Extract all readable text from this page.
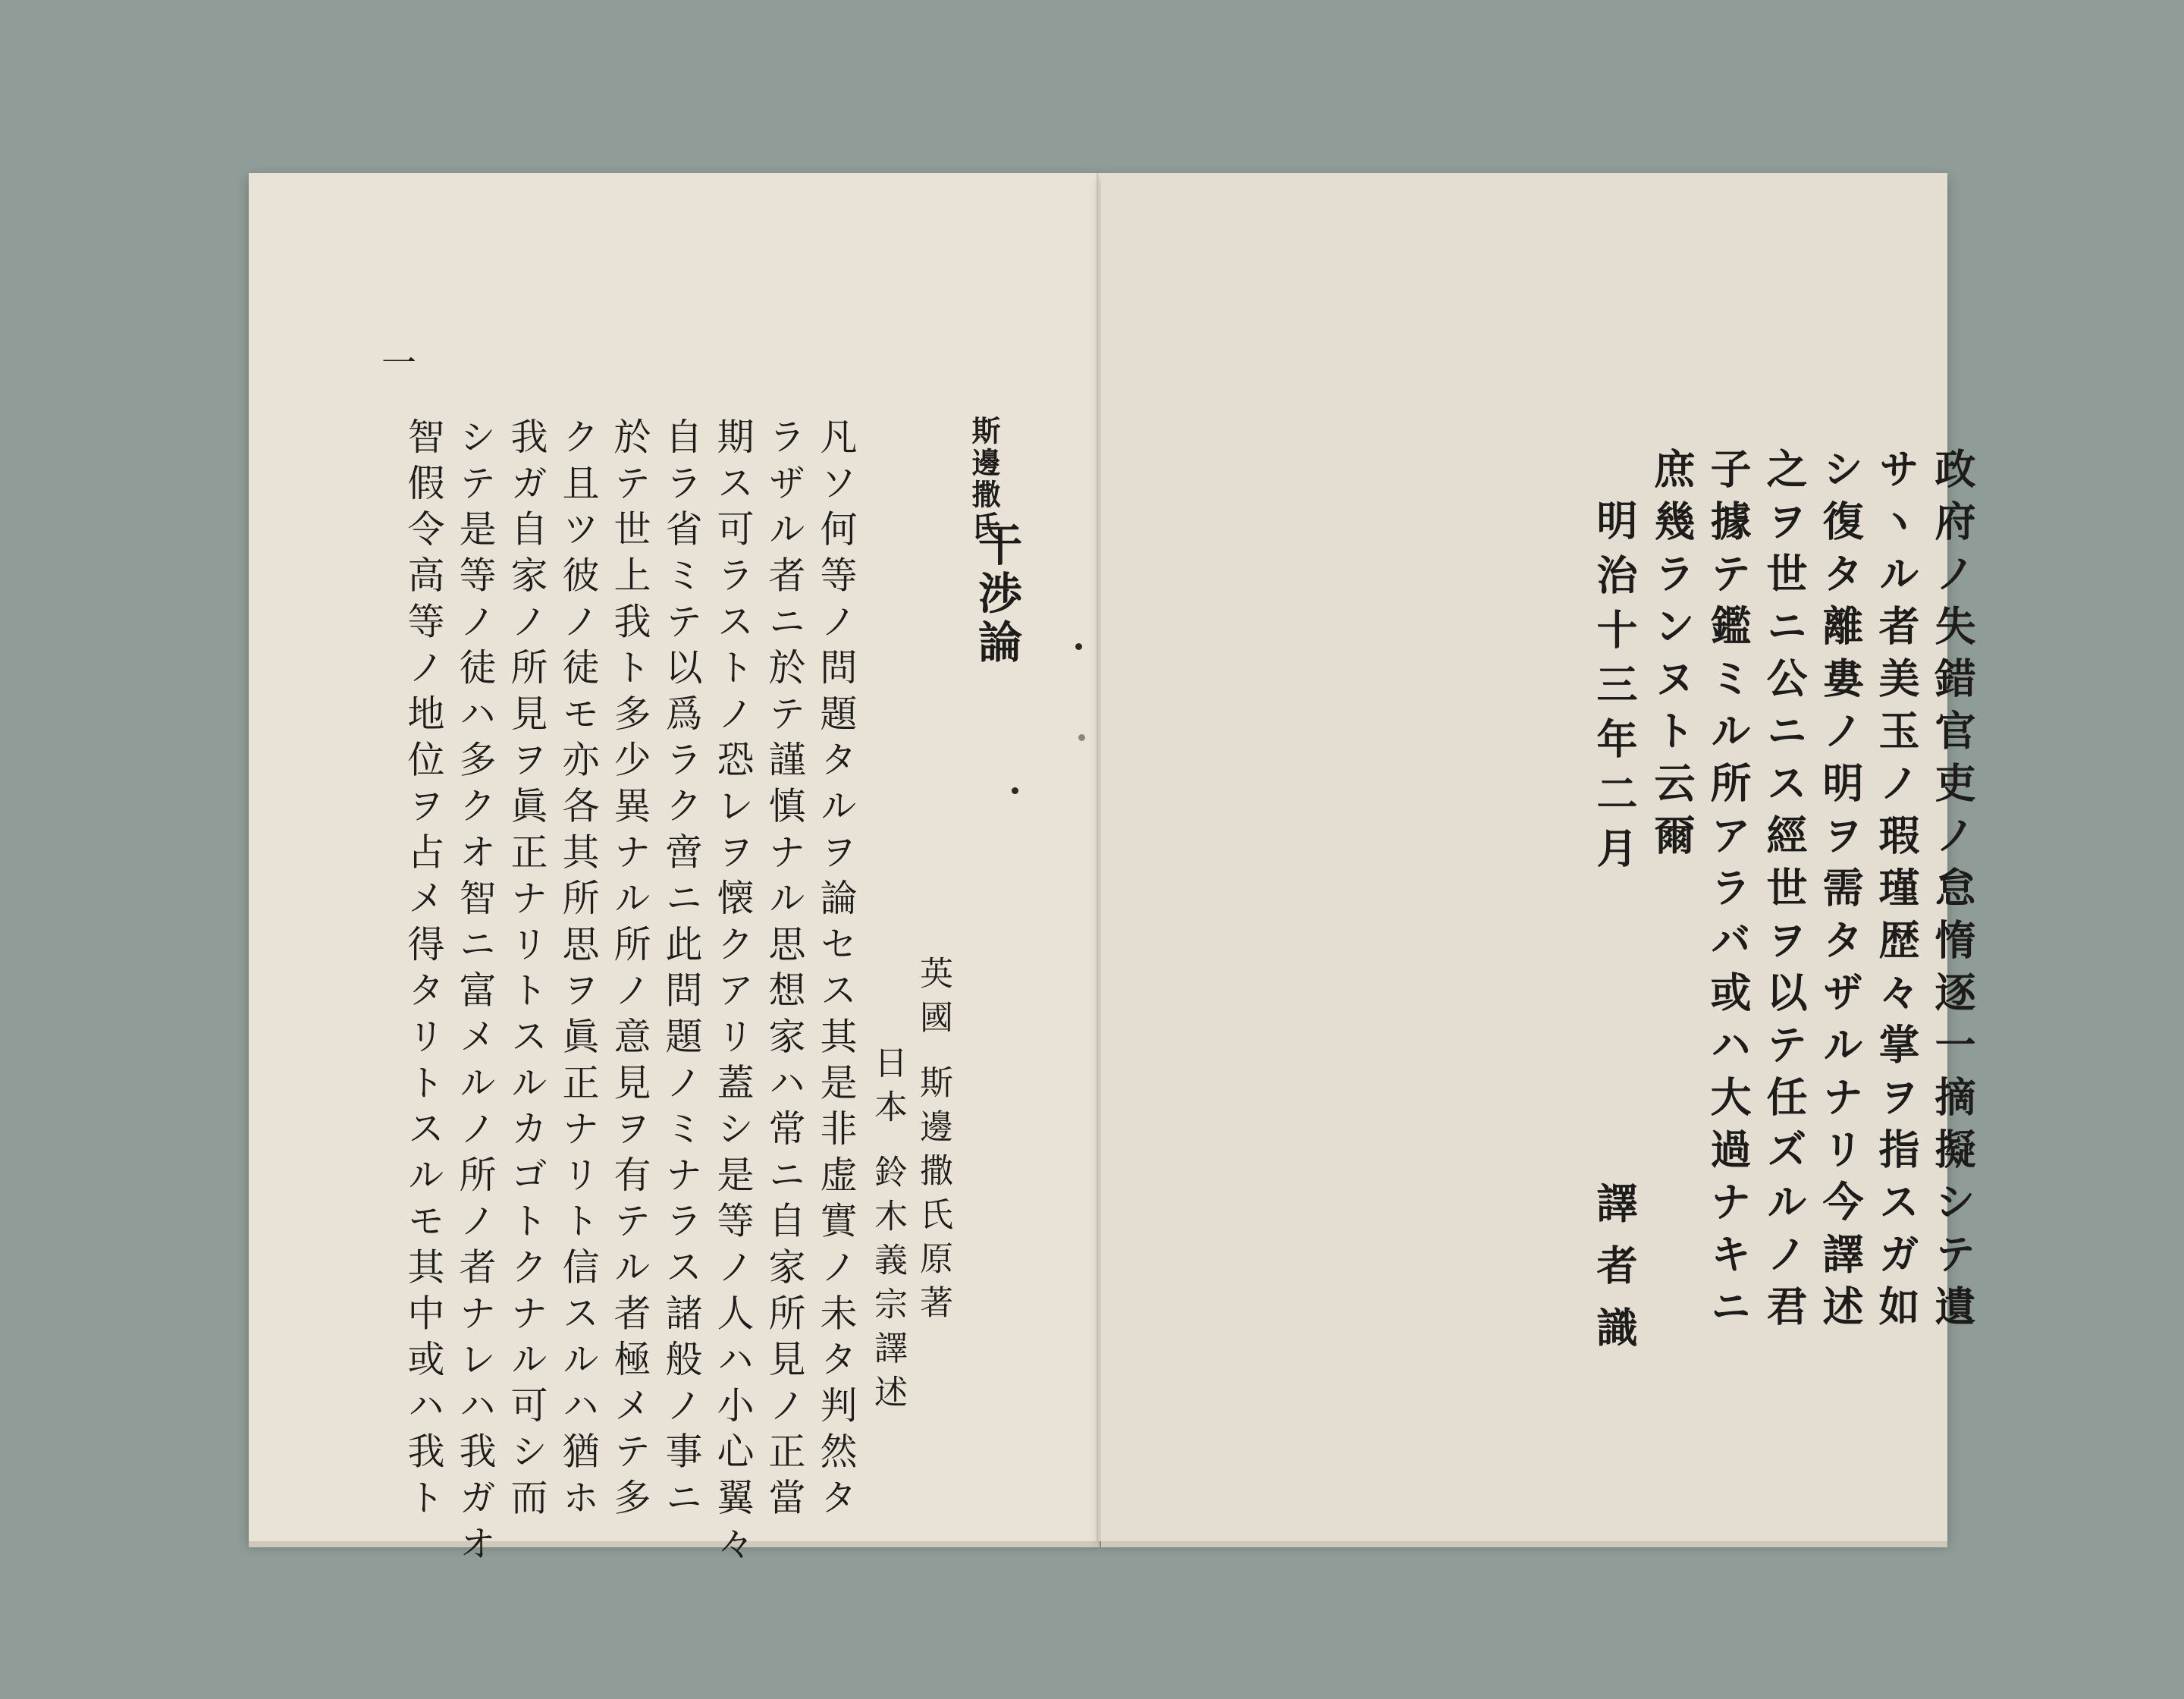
一
斯邊撒氏
干渉論
英國 斯邊撒氏原著
日本 鈴木義宗譯述
凡ソ何等ノ問題タルヲ論セス其是非虚實ノ未タ判然タ
ラザル者ニ於テ謹慎ナル思想家ハ常ニ自家所見ノ正當
期ス可ラストノ恐レヲ懐クアリ蓋シ是等ノ人ハ小心翼々
自ラ省ミテ以爲ラク啻ニ此問題ノミナラス諸般ノ事ニ
於テ世上我ト多少異ナル所ノ意見ヲ有テル者極メテ多
ク且ツ彼ノ徒モ亦各其所思ヲ眞正ナリト信スルハ猶ホ
我ガ自家ノ所見ヲ眞正ナリトスルカゴトクナル可シ而
シテ是等ノ徒ハ多クオ智ニ富メルノ所ノ者ナレハ我ガオ
智假令高等ノ地位ヲ占メ得タリトスルモ其中或ハ我ト	政府ノ失錯官吏ノ怠惰逐一摘擬シテ遺
サヽル者美玉ノ瑕瑾歴々掌ヲ指スガ如
シ復タ離婁ノ明ヲ需タザルナリ今譯述
之ヲ世ニ公ニス經世ヲ以テ任ズルノ君
子據テ鑑ミル所アラバ或ハ大過ナキニ
庶幾ランヌト云爾
明治十三年二月
譯者識
